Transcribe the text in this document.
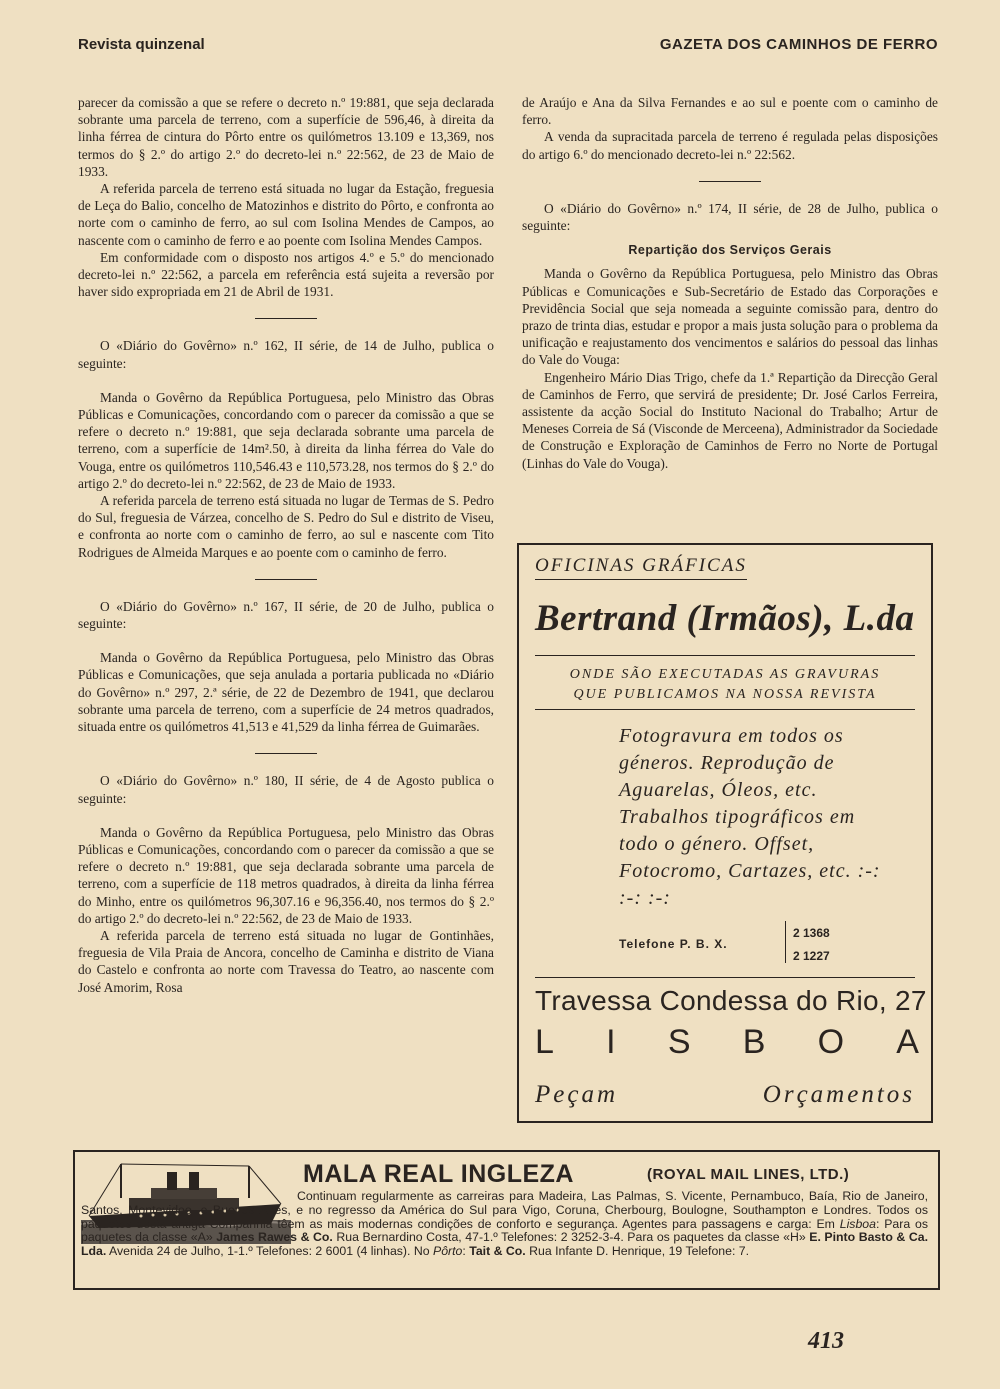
Revista quinzenal	GAZETA DOS CAMINHOS DE FERRO

parecer da comissão a que se refere o decreto n.º 19:881, que seja declarada sobrante uma parcela de terreno, com a superfície de 596,46, à direita da linha férrea de cintura do Pôrto entre os quilómetros 13.109 e 13,369, nos termos do § 2.º do artigo 2.º do decreto-lei n.º 22:562, de 23 de Maio de 1933.

A referida parcela de terreno está situada no lugar da Estação, freguesia de Leça do Balio, concelho de Matozinhos e distrito do Pôrto, e confronta ao norte com o caminho de ferro, ao sul com Isolina Mendes de Campos, ao nascente com o caminho de ferro e ao poente com Isolina Mendes Campos.

Em conformidade com o disposto nos artigos 4.º e 5.º do mencionado decreto-lei n.º 22:562, a parcela em referência está sujeita a reversão por haver sido expropriada em 21 de Abril de 1931.

O «Diário do Govêrno» n.º 162, II série, de 14 de Julho, publica o seguinte:

Manda o Govêrno da República Portuguesa, pelo Ministro das Obras Públicas e Comunicações, concordando com o parecer da comissão a que se refere o decreto n.º 19:881, que seja declarada sobrante uma parcela de terreno, com a superfície de 14m².50, à direita da linha férrea do Vale do Vouga, entre os quilómetros 110,546.43 e 110,573.28, nos termos do § 2.º do artigo 2.º do decreto-lei n.º 22:562, de 23 de Maio de 1933.

A referida parcela de terreno está situada no lugar de Termas de S. Pedro do Sul, freguesia de Várzea, concelho de S. Pedro do Sul e distrito de Viseu, e confronta ao norte com o caminho de ferro, ao sul e nascente com Tito Rodrigues de Almeida Marques e ao poente com o caminho de ferro.

O «Diário do Govêrno» n.º 167, II série, de 20 de Julho, publica o seguinte:

Manda o Govêrno da República Portuguesa, pelo Ministro das Obras Públicas e Comunicações, que seja anulada a portaria publicada no «Diário do Govêrno» n.º 297, 2.ª série, de 22 de Dezembro de 1941, que declarou sobrante uma parcela de terreno, com a superfície de 24 metros quadrados, situada entre os quilómetros 41,513 e 41,529 da linha férrea de Guimarães.

O «Diário do Govêrno» n.º 180, II série, de 4 de Agosto publica o seguinte:

Manda o Govêrno da República Portuguesa, pelo Ministro das Obras Públicas e Comunicações, concordando com o parecer da comissão a que se refere o decreto n.º 19:881, que seja declarada sobrante uma parcela de terreno, com a superfície de 118 metros quadrados, à direita da linha férrea do Minho, entre os quilómetros 96,307.16 e 96,356.40, nos termos do § 2.º do artigo 2.º do decreto-lei n.º 22:562, de 23 de Maio de 1933.

A referida parcela de terreno está situada no lugar de Gontinhães, freguesia de Vila Praia de Ancora, concelho de Caminha e distrito de Viana do Castelo e confronta ao norte com Travessa do Teatro, ao nascente com José Amorim, Rosa

de Araújo e Ana da Silva Fernandes e ao sul e poente com o caminho de ferro.

A venda da supracitada parcela de terreno é regulada pelas disposições do artigo 6.º do mencionado decreto-lei n.º 22:562.

O «Diário do Govêrno» n.º 174, II série, de 28 de Julho, publica o seguinte:

Repartição dos Serviços Gerais

Manda o Govêrno da República Portuguesa, pelo Ministro das Obras Públicas e Comunicações e Sub-Secretário de Estado das Corporações e Previdência Social que seja nomeada a seguinte comissão para, dentro do prazo de trinta dias, estudar e propor a mais justa solução para o problema da unificação e reajustamento dos vencimentos e salários do pessoal das linhas do Vale do Vouga:

Engenheiro Mário Dias Trigo, chefe da 1.ª Repartição da Direcção Geral de Caminhos de Ferro, que servirá de presidente; Dr. José Carlos Ferreira, assistente da acção Social do Instituto Nacional do Trabalho; Artur de Meneses Correia de Sá (Visconde de Merceena), Administrador da Sociedade de Construção e Exploração de Caminhos de Ferro no Norte de Portugal (Linhas do Vale do Vouga).

OFICINAS GRÁFICAS
Bertrand (Irmãos), L.da
ONDE SÃO EXECUTADAS AS GRAVURAS
QUE PUBLICAMOS NA NOSSA REVISTA
Fotogravura em todos os géneros. Reprodução de Aguarelas, Óleos, etc. Trabalhos tipográficos em todo o género. Offset, Fotocromo, Cartazes, etc. :-: :-: :-:
Telefone P. B. X.
2 1368
2 1227
Travessa Condessa do Rio, 27
L I S B O A
Peçam Orçamentos
MALA REAL INGLEZA	(ROYAL MAIL LINES, LTD.)
Continuam regularmente as carreiras para Madeira, Las Palmas, S. Vicente, Pernambuco, Baía, Rio de Janeiro, Santos, Montevideo, e Buenos Aires, e no regresso da América do Sul para Vigo, Coruna, Cherbourg, Boulogne, Southampton e Londres. Todos os paquetes desta antiga Companhia têem as mais modernas condições de conforto e segurança. Agentes para passagens e carga: Em Lisboa: Para os paquetes da classe «A» James Rawes & Co. Rua Bernardino Costa, 47-1.º Telefones: 2 3252-3-4. Para os paquetes da classe «H» E. Pinto Basto & Ca. Lda. Avenida 24 de Julho, 1-1.º Telefones: 2 6001 (4 linhas). No Pôrto: Tait & Co. Rua Infante D. Henrique, 19 Telefone: 7.
413
